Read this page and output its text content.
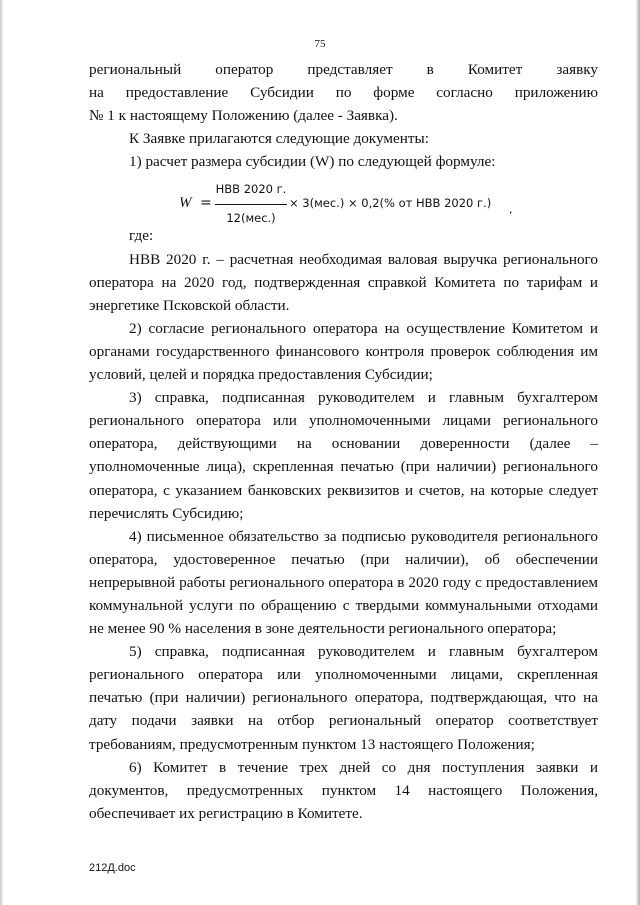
75

региональный оператор представляет в Комитет заявку

на предоставление Субсидии по форме согласно приложению

№ 1 к настоящему Положению (далее - Заявка).

К Заявке прилагаются следующие документы:

1) расчет размера субсидии (W) по следующей формуле:

W =
НВВ 2020 г.
12(мес.)
× 3(мес.) × 0,2(% от НВВ 2020 г.) ,

где:

НВВ 2020 г. – расчетная необходимая валовая выручка регионального оператора на 2020 год, подтвержденная справкой Комитета по тарифам и энергетике Псковской области.

2) согласие регионального оператора на осуществление Комитетом и органами государственного финансового контроля проверок соблюдения им условий, целей и порядка предоставления Субсидии;

3) справка, подписанная руководителем и главным бухгалтером регионального оператора или уполномоченными лицами регионального оператора, действующими на основании доверенности (далее – уполномоченные лица), скрепленная печатью (при наличии) регионального оператора, с указанием банковских реквизитов и счетов, на которые следует перечислять Субсидию;

4) письменное обязательство за подписью руководителя регионального оператора, удостоверенное печатью (при наличии), об обеспечении непрерывной работы регионального оператора в 2020 году с предоставлением коммунальной услуги по обращению с твердыми коммунальными отходами не менее 90 % населения в зоне деятельности регионального оператора;

5) справка, подписанная руководителем и главным бухгалтером регионального оператора или уполномоченными лицами, скрепленная печатью (при наличии) регионального оператора, подтверждающая, что на дату подачи заявки на отбор региональный оператор соответствует требованиям, предусмотренным пунктом 13 настоящего Положения;

6) Комитет в течение трех дней со дня поступления заявки и документов, предусмотренных пунктом 14 настоящего Положения, обеспечивает их регистрацию в Комитете.

212Д.doc
